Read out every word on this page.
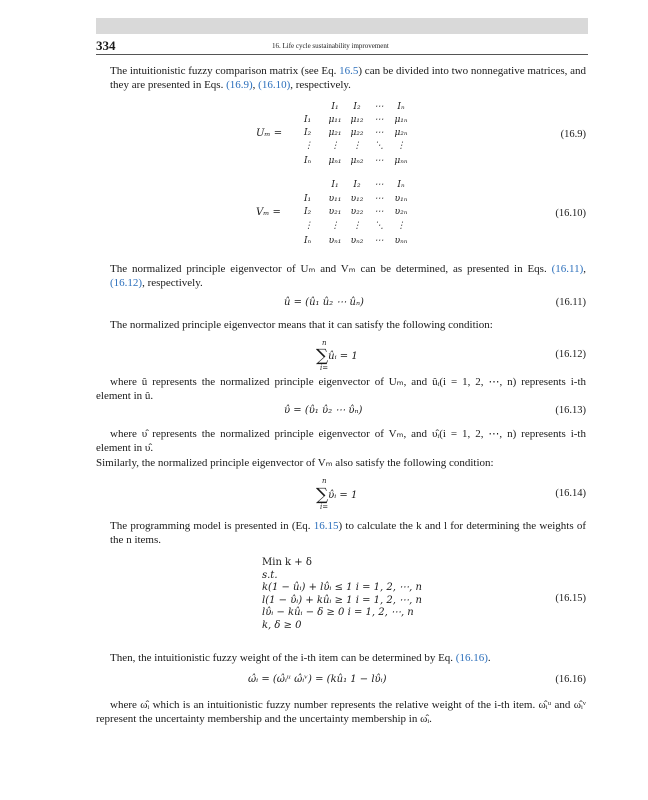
334	16. Life cycle sustainability improvement
The intuitionistic fuzzy comparison matrix (see Eq. 16.5) can be divided into two nonnegative matrices, and they are presented in Eqs. (16.9), (16.10), respectively.
I₁ I₂ ⋯ Iₙ
I₁ μ₁₁ μ₁₂ ⋯ μ₁ₙ
Uₘ = I₂ μ₂₁ μ₂₂ ⋯ μ₂ₙ
⋮ ⋮ ⋮ ⋱ ⋮
Iₙ μₙ₁ μₙ₂ ⋯ μₙₙ
(16.9)
I₁ I₂ ⋯ Iₙ
I₁ υ₁₁ υ₁₂ ⋯ υ₁ₙ
Vₘ =	I₂ υ₂₁ υ₂₂ ⋯ υ₂ₙ
⋮ ⋮ ⋮ ⋱ ⋮
Iₙ υₙ₁ υₙ₂ ⋯ υₙₙ
(16.10)
The normalized principle eigenvector of Uₘ and Vₘ can be determined, as presented in Eqs. (16.11), (16.12), respectively.
û = (û₁ û₂ ⋯ ûₙ)	(16.11)
The normalized principle eigenvector means that it can satisfy the following condition:
n
∑ûᵢ = 1
i=
(16.12)
where û represents the normalized principle eigenvector of Uₘ, and ûᵢ(i = 1, 2, ⋯, n) represents i-th element in û.
υ̂ = (υ̂₁ υ̂₂ ⋯ υ̂ₙ)	(16.13)
where υ̂ represents the normalized principle eigenvector of Vₘ, and υ̂ᵢ(i = 1, 2, ⋯, n) represents i-th element in υ̂.
Similarly, the normalized principle eigenvector of Vₘ also satisfy the following condition:
n
∑υ̂ᵢ = 1
i=
(16.14)
The programming model is presented in (Eq. 16.15) to calculate the k and l for determining the weights of the n items.
Min k + δ
s.t.
k(1 − ûᵢ) + lυ̂ᵢ ≤ 1 i = 1, 2, ⋯, n
l(1 − υ̂ᵢ) + kûᵢ ≥ 1 i = 1, 2, ⋯, n
lυ̂ᵢ − kûᵢ − δ ≥ 0 i = 1, 2, ⋯, n
k, δ ≥ 0
(16.15)
Then, the intuitionistic fuzzy weight of the i-th item can be determined by Eq. (16.16).
ω̂ᵢ = (ω̂ᵢᵘ ω̂ᵢᵛ) = (kû₁ 1 − lυ̂ᵢ)	(16.16)
where ω̂ᵢ which is an intuitionistic fuzzy number represents the relative weight of the i-th item. ω̂ᵢᵘ and ω̂ᵢᵛ represent the uncertainty membership and the uncertainty membership in ω̂ᵢ.
